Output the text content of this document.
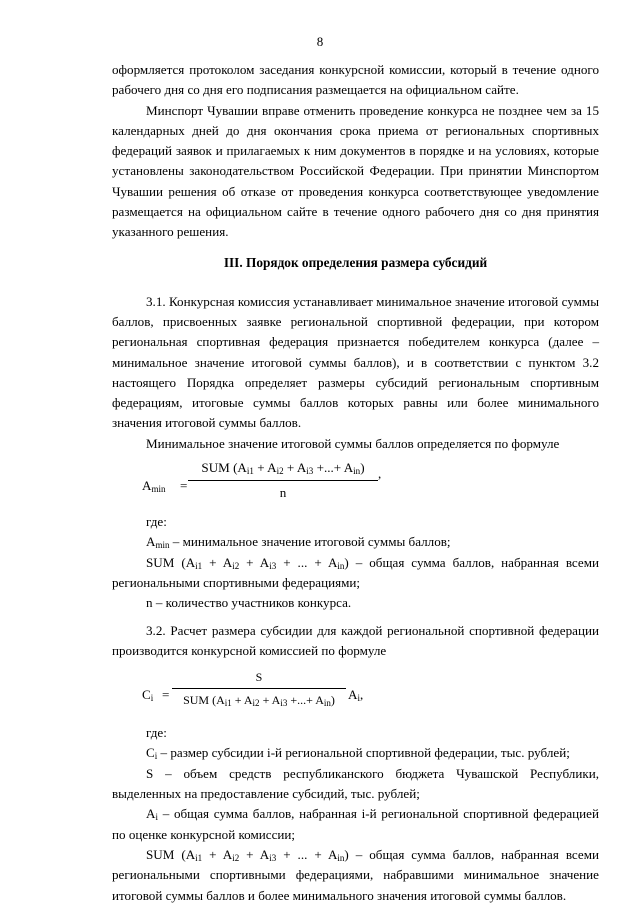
8

оформляется протоколом заседания конкурсной комиссии, который в течение одного рабочего дня со дня его подписания размещается на официальном сайте.

Минспорт Чувашии вправе отменить проведение конкурса не позднее чем за 15 календарных дней до дня окончания срока приема от региональных спортивных федераций заявок и прилагаемых к ним документов в порядке и на условиях, которые установлены законодательством Российской Федерации. При принятии Минспортом Чувашии решения об отказе от проведения конкурса соответствующее уведомление размещается на официальном сайте в течение одного рабочего дня со дня принятия указанного решения.

III. Порядок определения размера субсидий

3.1. Конкурсная комиссия устанавливает минимальное значение итоговой суммы баллов, присвоенных заявке региональной спортивной федерации, при котором региональная спортивная федерация признается победителем конкурса (далее – минимальное значение итоговой суммы баллов), и в соответствии с пунктом 3.2 настоящего Порядка определяет размеры субсидий региональным спортивным федерациям, итоговые суммы баллов которых равны или более минимального значения итоговой суммы баллов.

Минимальное значение итоговой суммы баллов определяется по формуле

$A_{min}$ =
SUM ($A_{i1} + A_{i2} + A_{i3}$ +...+ $A_{in}$)
n
,

где:

$A_{min}$ – минимальное значение итоговой суммы баллов;

SUM ($A_{i1} + A_{i2} + A_{i3}$ + ... + $A_{in}$) – общая сумма баллов, набранная всеми региональными спортивными федерациями;

n – количество участников конкурса.

3.2. Расчет размера субсидии для каждой региональной спортивной федерации производится конкурсной комиссией по формуле

$C_i$ =
S
SUM ($A_{i1} + A_{i2} + A_{i3}$ +...+ $A_{in}$) $A_i$,

где:

$C_i$ – размер субсидии i-й региональной спортивной федерации, тыс. рублей;

S – объем средств республиканского бюджета Чувашской Республики, выделенных на предоставление субсидий, тыс. рублей;

$A_i$ – общая сумма баллов, набранная i-й региональной спортивной федерацией по оценке конкурсной комиссии;

SUM ($A_{i1} + A_{i2} + A_{i3}$ + ... + $A_{in}$) – общая сумма баллов, набранная всеми региональными спортивными федерациями, набравшими минимальное значение итоговой суммы баллов и более минимального значения итоговой суммы баллов.
